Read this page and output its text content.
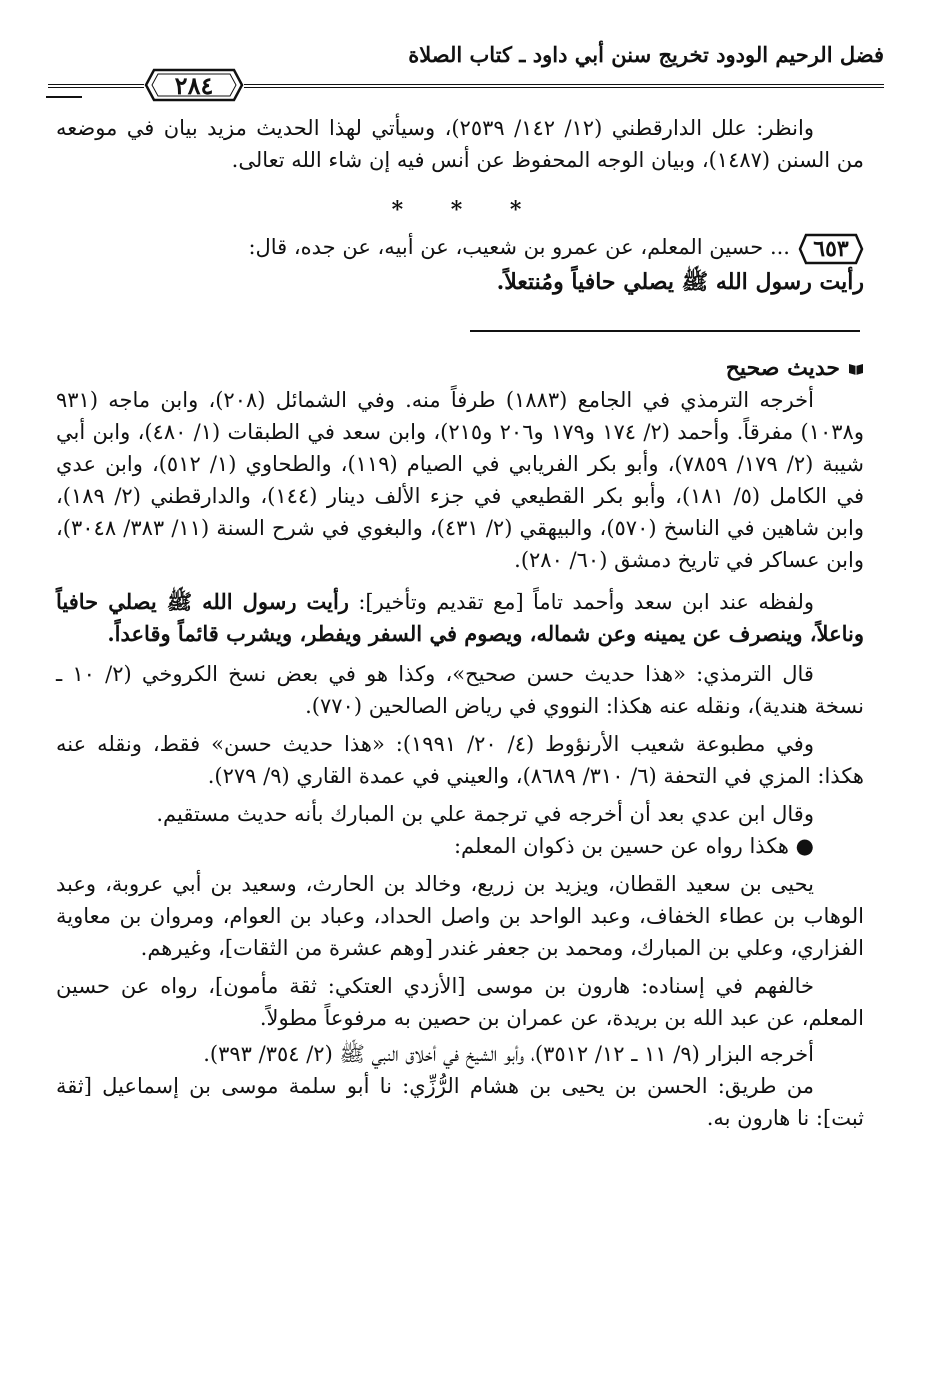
فضل الرحيم الودود تخريج سنن أبي داود ـ كتاب الصلاة
٢٨٤

وانظر: علل الدارقطني (١٢/ ١٤٢/ ٢٥٣٩)، وسيأتي لهذا الحديث مزيد بيان في موضعه من السنن (١٤٨٧)، وبيان الوجه المحفوظ عن أنس فيه إن شاء الله تعالى.

* * *

٦٥٣
... حسين المعلم، عن عمرو بن شعيب، عن أبيه، عن جده، قال:

رأيت رسول الله ﷺ يصلي حافياً ومُنتعلاً.

حديث صحيح

أخرجه الترمذي في الجامع (١٨٨٣) طرفاً منه. وفي الشمائل (٢٠٨)، وابن ماجه (٩٣١ و١٠٣٨) مفرقاً. وأحمد (٢/ ١٧٤ و١٧٩ و٢٠٦ و٢١٥)، وابن سعد في الطبقات (١/ ٤٨٠)، وابن أبي شيبة (٢/ ١٧٩/ ٧٨٥٩)، وأبو بكر الفريابي في الصيام (١١٩)، والطحاوي (١/ ٥١٢)، وابن عدي في الكامل (٥/ ١٨١)، وأبو بكر القطيعي في جزء الألف دينار (١٤٤)، والدارقطني (٢/ ١٨٩)، وابن شاهين في الناسخ (٥٧٠)، والبيهقي (٢/ ٤٣١)، والبغوي في شرح السنة (١١/ ٣٨٣/ ٣٠٤٨)، وابن عساكر في تاريخ دمشق (٦٠/ ٢٨٠).

ولفظه عند ابن سعد وأحمد تاماً [مع تقديم وتأخير]: رأيت رسول الله ﷺ يصلي حافياً وناعلاً، وينصرف عن يمينه وعن شماله، ويصوم في السفر ويفطر، ويشرب قائماً وقاعداً.

قال الترمذي: «هذا حديث حسن صحيح»، وكذا هو في بعض نسخ الكروخي (٢/ ١٠ ـ نسخة هندية)، ونقله عنه هكذا: النووي في رياض الصالحين (٧٧٠).

وفي مطبوعة شعيب الأرنؤوط (٤/ ٢٠/ ١٩٩١): «هذا حديث حسن» فقط، ونقله عنه هكذا: المزي في التحفة (٦/ ٣١٠/ ٨٦٨٩)، والعيني في عمدة القاري (٩/ ٢٧٩).

وقال ابن عدي بعد أن أخرجه في ترجمة علي بن المبارك بأنه حديث مستقيم.

● هكذا رواه عن حسين بن ذكوان المعلم:

يحيى بن سعيد القطان، ويزيد بن زريع، وخالد بن الحارث، وسعيد بن أبي عروبة، وعبد الوهاب بن عطاء الخفاف، وعبد الواحد بن واصل الحداد، وعباد بن العوام، ومروان بن معاوية الفزاري، وعلي بن المبارك، ومحمد بن جعفر غندر [وهم عشرة من الثقات]، وغيرهم.

خالفهم في إسناده: هارون بن موسى [الأزدي العتكي: ثقة مأمون]، رواه عن حسين المعلم، عن عبد الله بن بريدة، عن عمران بن حصين به مرفوعاً مطولاً.

أخرجه البزار (٩/ ١١ ـ ١٢/ ٣٥١٢)، وأبو الشيخ في أخلاق النبي ﷺ (٢/ ٣٥٤/ ٣٩٣).

من طريق: الحسن بن يحيى بن هشام الرُّزِّي: نا أبو سلمة موسى بن إسماعيل [ثقة ثبت]: نا هارون به.
